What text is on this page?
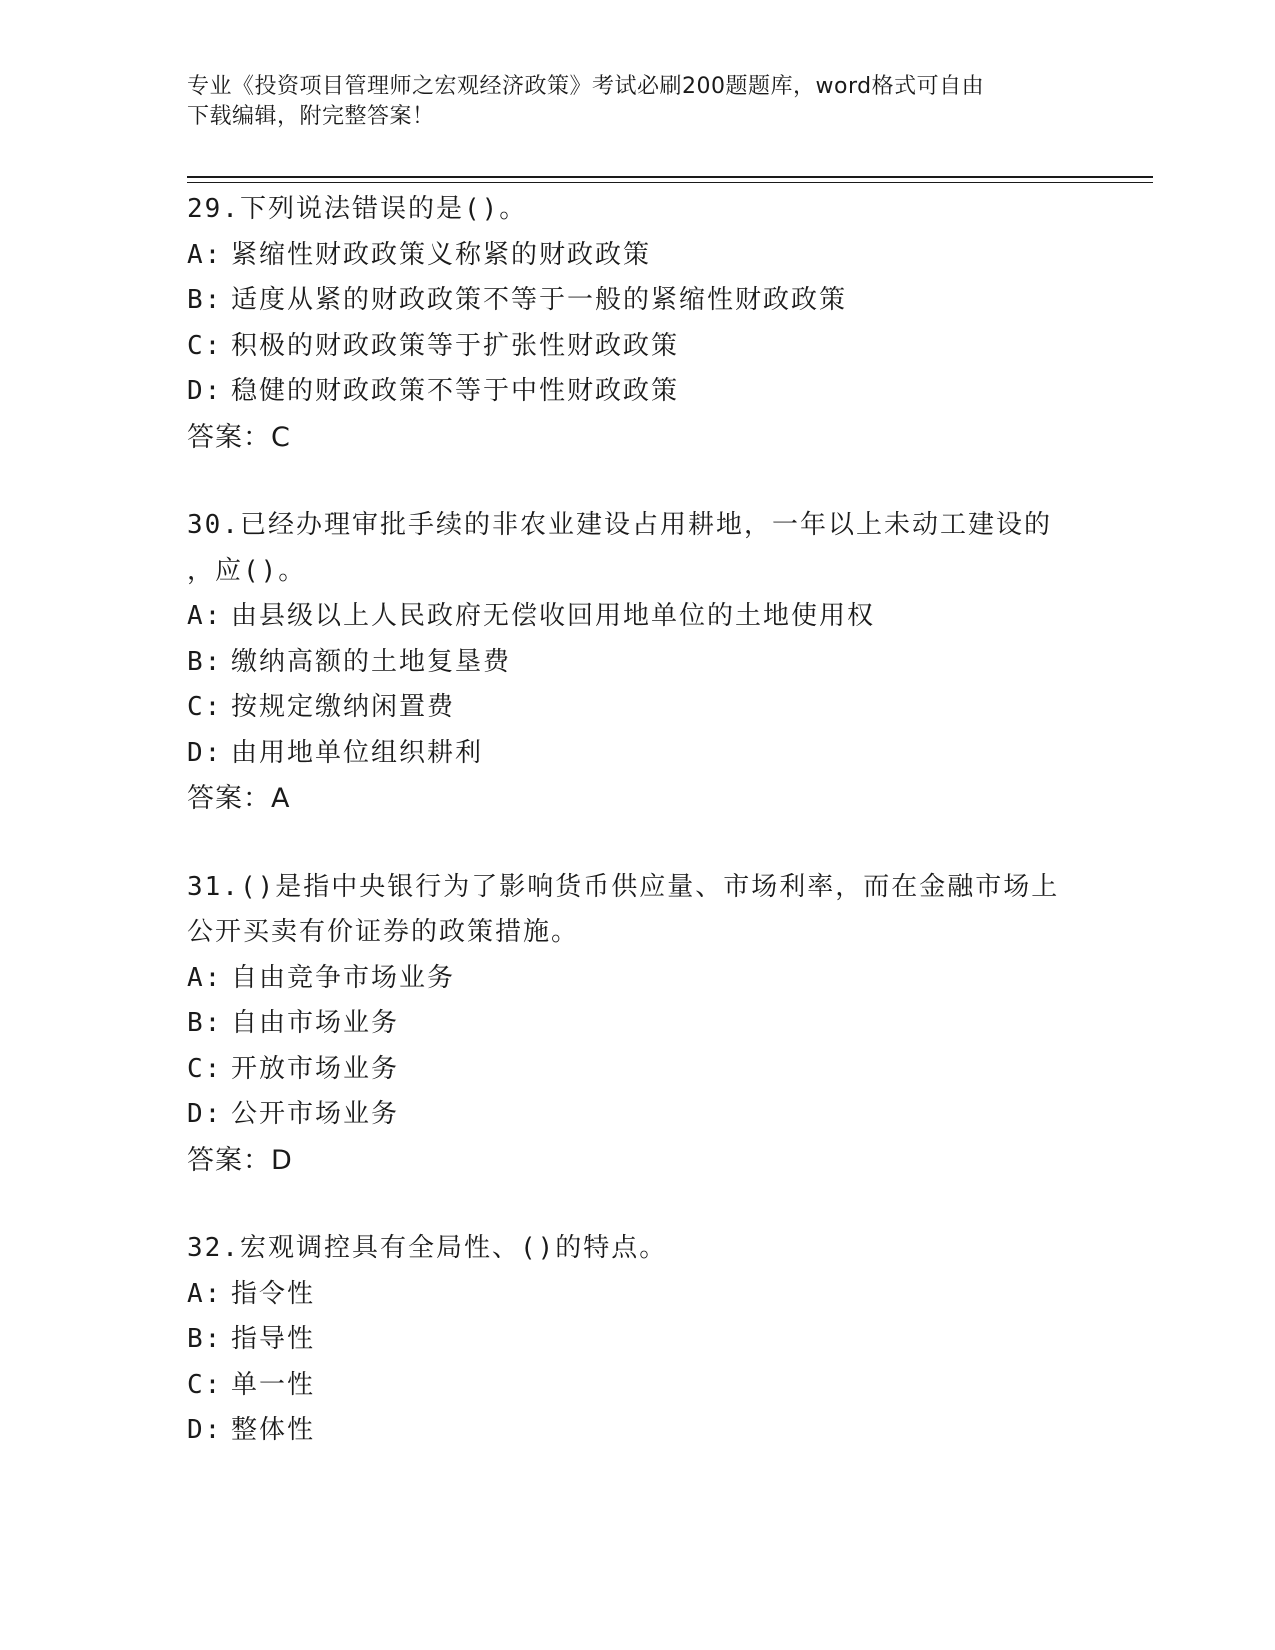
专业《投资项目管理师之宏观经济政策》考试必刷200题题库，word格式可自由
下载编辑，附完整答案！
29.下列说法错误的是()。
A: 紧缩性财政政策义称紧的财政政策
B: 适度从紧的财政政策不等于一般的紧缩性财政政策
C: 积极的财政政策等于扩张性财政政策
D: 稳健的财政政策不等于中性财政政策
答案：C
30.已经办理审批手续的非农业建设占用耕地，一年以上未动工建设的
，应()。
A: 由县级以上人民政府无偿收回用地单位的土地使用权
B: 缴纳高额的土地复垦费
C: 按规定缴纳闲置费
D: 由用地单位组织耕利
答案：A
31.()是指中央银行为了影响货币供应量、市场利率，而在金融市场上
公开买卖有价证券的政策措施。
A: 自由竞争市场业务
B: 自由市场业务
C: 开放市场业务
D: 公开市场业务
答案：D
32.宏观调控具有全局性、()的特点。
A: 指令性
B: 指导性
C: 单一性
D: 整体性
